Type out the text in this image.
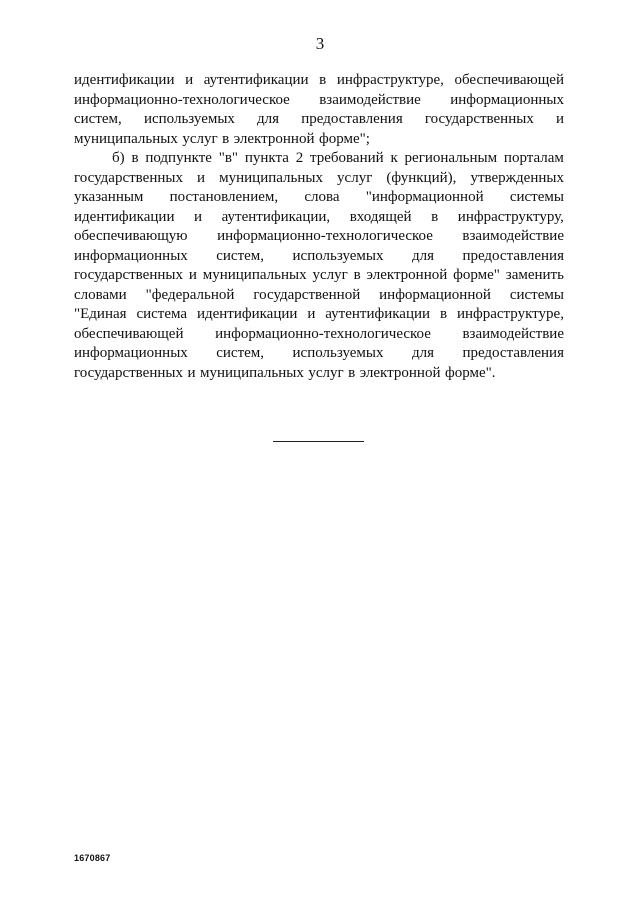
3
идентификации и аутентификации в инфраструктуре, обеспечивающей
информационно-технологическое взаимодействие информационных
систем, используемых для предоставления государственных и
муниципальных услуг в электронной форме";
б) в подпункте "в" пункта 2 требований к региональным порталам
государственных и муниципальных услуг (функций), утвержденных
указанным постановлением, слова "информационной системы
идентификации и аутентификации, входящей в инфраструктуру,
обеспечивающую информационно-технологическое взаимодействие
информационных систем, используемых для предоставления
государственных и муниципальных услуг в электронной форме" заменить
словами "федеральной государственной информационной системы
"Единая система идентификации и аутентификации в инфраструктуре,
обеспечивающей информационно-технологическое взаимодействие
информационных систем, используемых для предоставления
государственных и муниципальных услуг в электронной форме".
1670867
